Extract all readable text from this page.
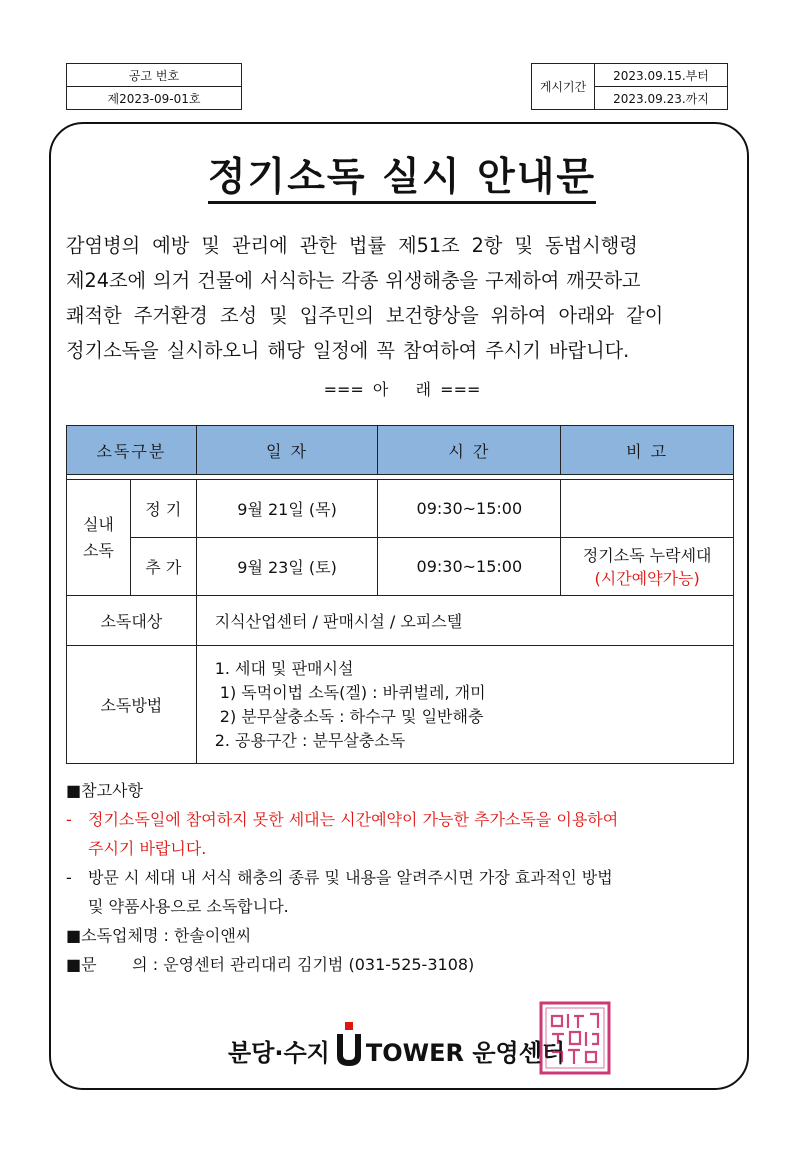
공고 번호
제2023-09-01호
게시기간	2023.09.15.부터
2023.09.23.까지
정기소독 실시 안내문
감염병의 예방 및 관리에 관한 법률 제51조 2항 및 동법시행령
제24조에 의거 건물에 서식하는 각종 위생해충을 구제하여 깨끗하고
쾌적한 주거환경 조성 및 입주민의 보건향상을 위하여 아래와 같이
정기소독을 실시하오니 해당 일정에 꼭 참여하여 주시기 바랍니다.
=== 아   래 ===
소독구분		일 자	시 간	비 고

실내
소독	정 기	9월 21일 (목)	09:30~15:00	
	추 가	9월 23일 (토)	09:30~15:00	정기소독 누락세대
(시간예약가능)

소독대상		지식산업센터 / 판매시설 / 오피스텔		
소독방법		1. 세대 및 판매시설
1) 독먹이법 소독(겔) : 바퀴벌레, 개미
2) 분무살충소독 : 하수구 및 일반해충
2. 공용구간 : 분무살충소독		
■참고사항
- 정기소독일에 참여하지 못한 세대는 시간예약이 가능한 추가소독을 이용하여
주시기 바랍니다.
- 방문 시 세대 내 서식 해충의 종류 및 내용을 알려주시면 가장 효과적인 방법
및 약품사용으로 소독합니다.
■소독업체명 : 한솔이앤씨
■문       의 : 운영센터 관리대리 김기범 (031-525-3108)
분당·수지 TOWER 운영센터
